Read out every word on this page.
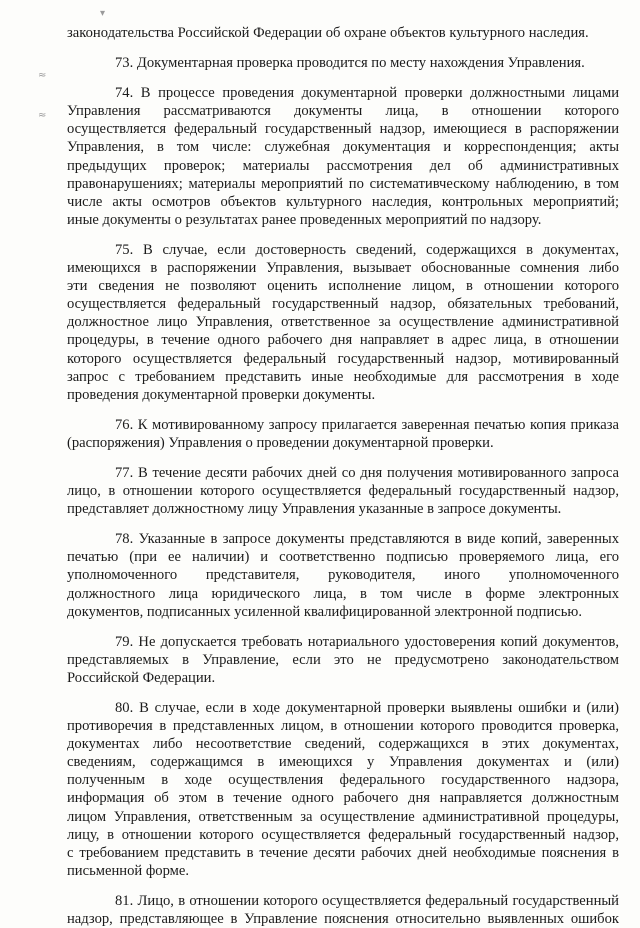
▾
≈
≈
законодательства Российской Федерации об охране объектов культурного наследия.
73. Документарная проверка проводится по месту нахождения Управления.
74. В процессе проведения документарной проверки должностными лицами
Управления рассматриваются документы лица, в отношении которого
осуществляется федеральный государственный надзор, имеющиеся в распоряжении
Управления, в том числе: служебная документация и корреспонденция; акты
предыдущих проверок; материалы рассмотрения дел об административных
правонарушениях; материалы мероприятий по системативческому наблюдению, в том
числе акты осмотров объектов культурного наследия, контрольных мероприятий;
иные документы о результатах ранее проведенных мероприятий по надзору.
75. В случае, если достоверность сведений, содержащихся в документах,
имеющихся в распоряжении Управления, вызывает обоснованные сомнения либо
эти сведения не позволяют оценить исполнение лицом, в отношении которого
осуществляется федеральный государственный надзор, обязательных требований,
должностное лицо Управления, ответственное за осуществление административной
процедуры, в течение одного рабочего дня направляет в адрес лица, в отношении
которого осуществляется федеральный государственный надзор, мотивированный
запрос с требованием представить иные необходимые для рассмотрения в ходе
проведения документарной проверки документы.
76. К мотивированному запросу прилагается заверенная печатью копия приказа
(распоряжения) Управления о проведении документарной проверки.
77. В течение десяти рабочих дней со дня получения мотивированного запроса
лицо, в отношении которого осуществляется федеральный государственный надзор,
представляет должностному лицу Управления указанные в запросе документы.
78. Указанные в запросе документы представляются в виде копий, заверенных
печатью (при ее наличии) и соответственно подписью проверяемого лица, его
уполномоченного представителя, руководителя, иного уполномоченного
должностного лица юридического лица, в том числе в форме электронных
документов, подписанных усиленной квалифицированной электронной подписью.
79. Не допускается требовать нотариального удостоверения копий документов,
представляемых в Управление, если это не предусмотрено законодательством
Российской Федерации.
80. В случае, если в ходе документарной проверки выявлены ошибки и (или)
противоречия в представленных лицом, в отношении которого проводится проверка,
документах либо несоответствие сведений, содержащихся в этих документах,
сведениям, содержащимся в имеющихся у Управления документах и (или)
полученным в ходе осуществления федерального государственного надзора,
информация об этом в течение одного рабочего дня направляется должностным
лицом Управления, ответственным за осуществление административной процедуры,
лицу, в отношении которого осуществляется федеральный государственный надзор,
с требованием представить в течение десяти рабочих дней необходимые пояснения в
письменной форме.
81. Лицо, в отношении которого осуществляется федеральный государственный
надзор, представляющее в Управление пояснения относительно выявленных ошибок
